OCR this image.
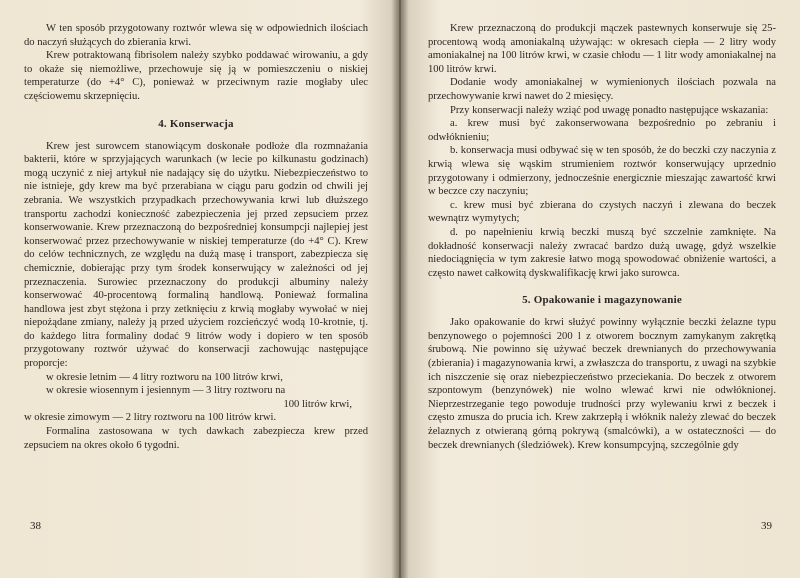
W ten sposób przygotowany roztwór wlewa się w odpowiednich ilościach do naczyń służących do zbierania krwi.

Krew potraktowaną fibrisolem należy szybko poddawać wirowaniu, a gdy to okaże się niemożliwe, przechowuje się ją w pomieszczeniu o niskiej temperaturze (do +4° C), ponieważ w przeciwnym razie mogłaby ulec częściowemu skrzepnięciu.

4. Konserwacja

Krew jest surowcem stanowiącym doskonałe podłoże dla rozmnażania bakterii, które w sprzyjających warunkach (w lecie po kilkunastu godzinach) mogą uczynić z niej artykuł nie nadający się do użytku. Niebezpieczeństwo to nie istnieje, gdy krew ma być przerabiana w ciągu paru godzin od chwili jej zebrania. We wszystkich przypadkach przechowywania krwi lub dłuższego transportu zachodzi konieczność zabezpieczenia jej przed zepsuciem przez konserwowanie. Krew przeznaczoną do bezpośredniej konsumpcji najlepiej jest konserwować przez przechowywanie w niskiej temperaturze (do +4° C). Krew do celów technicznych, ze względu na dużą masę i transport, zabezpiecza się chemicznie, dobierając przy tym środek konserwujący w zależności od jej przeznaczenia. Surowiec przeznaczony do produkcji albuminy należy konserwować 40-procentową formaliną handlową. Ponieważ formalina handlowa jest zbyt stężona i przy zetknięciu z krwią mogłaby wywołać w niej niepożądane zmiany, należy ją przed użyciem rozcieńczyć wodą 10-krotnie, tj. do każdego litra formaliny dodać 9 litrów wody i dopiero w ten sposób przygotowany roztwór używać do konserwacji zachowując następujące proporcje:

w okresie letnim — 4 litry roztworu na 100 litrów krwi,

w okresie wiosennym i jesiennym — 3 litry roztworu na

100 litrów krwi,

w okresie zimowym — 2 litry roztworu na 100 litrów krwi.

Formalina zastosowana w tych dawkach zabezpiecza krew przed zepsuciem na okres około 6 tygodni.

38

Krew przeznaczoną do produkcji mączek pastewnych konserwuje się 25-procentową wodą amoniakalną używając: w okresach ciepła — 2 litry wody amoniakalnej na 100 litrów krwi, w czasie chłodu — 1 litr wody amoniakalnej na 100 litrów krwi.

Dodanie wody amoniakalnej w wymienionych ilościach pozwala na przechowywanie krwi nawet do 2 miesięcy.

Przy konserwacji należy wziąć pod uwagę ponadto następujące wskazania:

a. krew musi być zakonserwowana bezpośrednio po zebraniu i odwłóknieniu;

b. konserwacja musi odbywać się w ten sposób, że do beczki czy naczynia z krwią wlewa się wąskim strumieniem roztwór konserwujący uprzednio przygotowany i odmierzony, jednocześnie energicznie mieszając zawartość krwi w beczce czy naczyniu;

c. krew musi być zbierana do czystych naczyń i zlewana do beczek wewnątrz wymytych;

d. po napełnieniu krwią beczki muszą być szczelnie zamknięte. Na dokładność konserwacji należy zwracać bardzo dużą uwagę, gdyż wszelkie niedociągnięcia w tym zakresie łatwo mogą spowodować obniżenie wartości, a często nawet całkowitą dyskwalifikację krwi jako surowca.

5. Opakowanie i magazynowanie

Jako opakowanie do krwi służyć powinny wyłącznie beczki żelazne typu benzynowego o pojemności 200 l z otworem bocznym zamykanym zakrętką śrubową. Nie powinno się używać beczek drewnianych do przechowywania (zbierania) i magazynowania krwi, a zwłaszcza do transportu, z uwagi na szybkie ich niszczenie się oraz niebezpieczeństwo przeciekania. Do beczek z otworem szpontowym (benzynówek) nie wolno wlewać krwi nie odwłóknionej. Nieprzestrzeganie tego powoduje trudności przy wylewaniu krwi z beczek i często zmusza do prucia ich. Krew zakrzepłą i włóknik należy zlewać do beczek żelaznych z otwieraną górną pokrywą (smalcówki), a w ostateczności — do beczek drewnianych (śledziówek). Krew konsumpcyjną, szczególnie gdy

39
